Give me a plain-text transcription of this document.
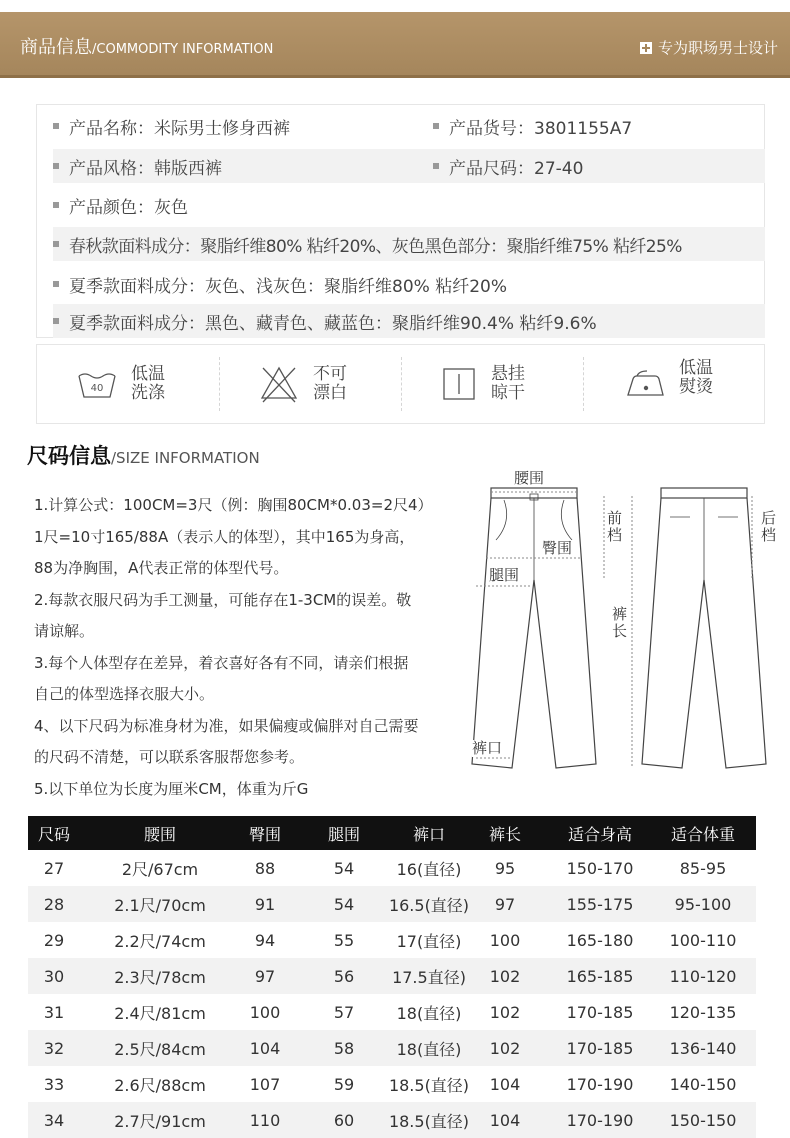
商品信息/COMMODITY INFORMATION	专为职场男士设计
产品名称：米际男士修身西裤	产品货号：3801155A7
产品风格：韩版西裤	产品尺码：27-40
产品颜色：灰色
春秋款面料成分：聚脂纤维80% 粘纤20%、灰色黑色部分：聚脂纤维75% 粘纤25%
夏季款面料成分：灰色、浅灰色：聚脂纤维80% 粘纤20%
夏季款面料成分：黑色、藏青色、藏蓝色：聚脂纤维90.4% 粘纤9.6%
40
低温
洗涤
不可
漂白
悬挂
晾干
低温
熨烫
尺码信息/SIZE INFORMATION
1.计算公式：100CM=3尺（例：胸围80CM*0.03=2尺4）
1尺=10寸165/88A（表示人的体型），其中165为身高，
88为净胸围，A代表正常的体型代号。
2.每款衣服尺码为手工测量，可能存在1-3CM的误差。敬
请谅解。
3.每个人体型存在差异，着衣喜好各有不同，请亲们根据
自己的体型选择衣服大小。
4、以下尺码为标准身材为准，如果偏瘦或偏胖对自己需要
的尺码不清楚，可以联系客服帮您参考。
5.以下单位为长度为厘米CM，体重为斤G
腰围
前档
臀围
腿围
裤长
后档
裤口
尺码	腰围	臀围	腿围	裤口	裤长	适合身高	适合体重
27	2尺/67cm	88	54	16(直径)	95	150-170	85-95
28	2.1尺/70cm	91	54	16.5(直径)	97	155-175	95-100
29	2.2尺/74cm	94	55	17(直径)	100	165-180	100-110
30	2.3尺/78cm	97	56	17.5直径)	102	165-185	110-120
31	2.4尺/81cm	100	57	18(直径)	102	170-185	120-135
32	2.5尺/84cm	104	58	18(直径)	102	170-185	136-140
33	2.6尺/88cm	107	59	18.5(直径)	104	170-190	140-150
34	2.7尺/91cm	110	60	18.5(直径)	104	170-190	150-150
